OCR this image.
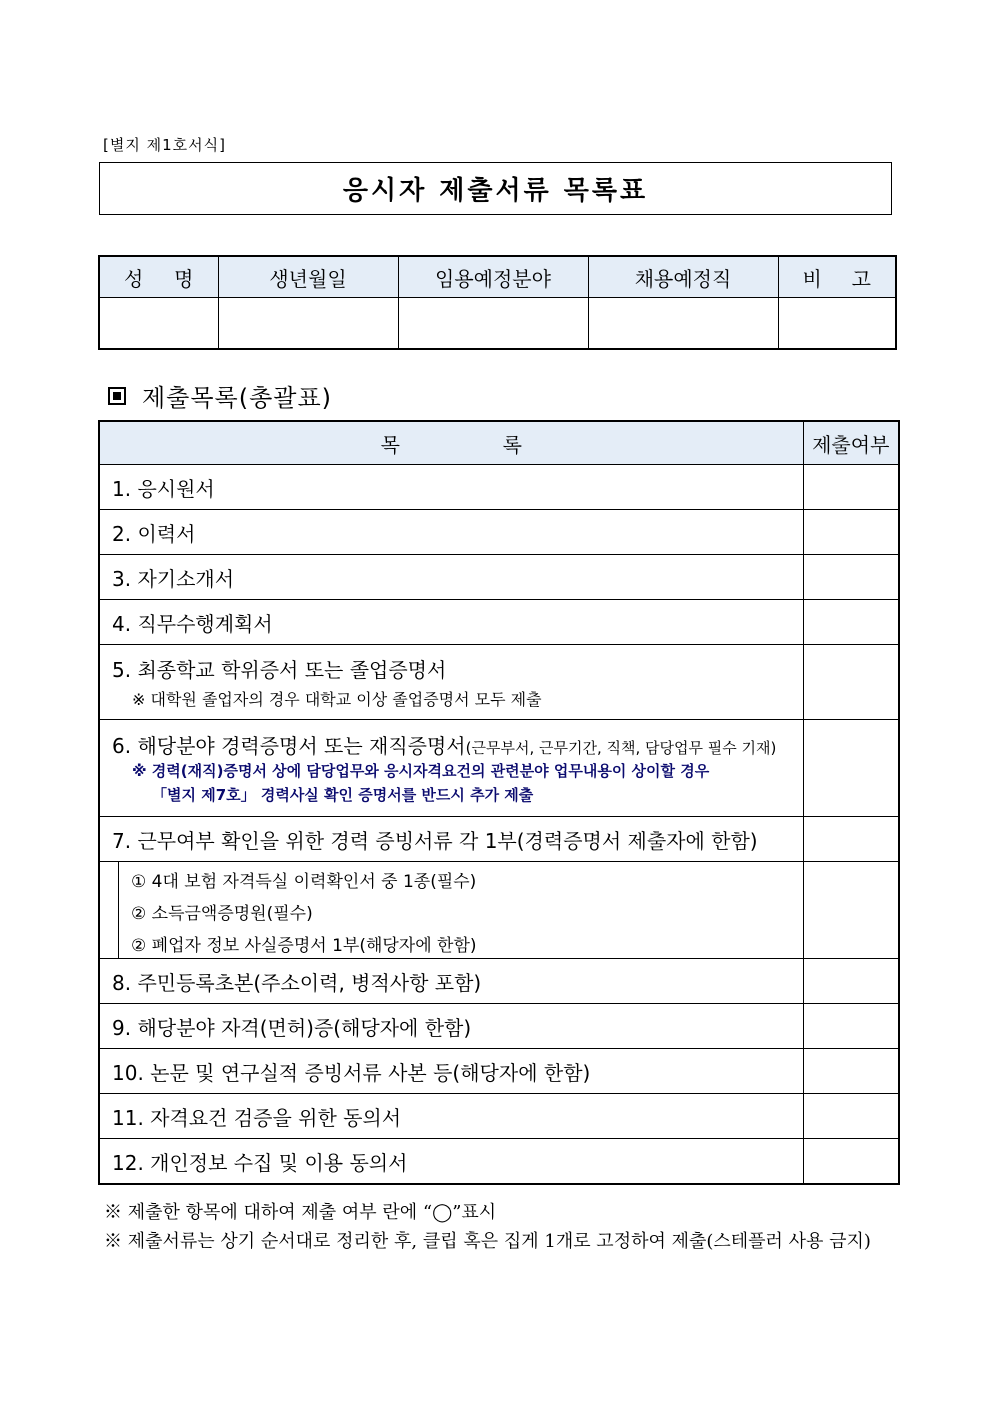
[별지 제1호서식]
응시자 제출서류 목록표
성 명	생년월일	임용예정분야	채용예정직	비 고

제출목록(총괄표)
목 록	제출여부
1. 응시원서	
2. 이력서	
3. 자기소개서	
4. 직무수행계획서	

5. 최종학교 학위증서 또는 졸업증명서
※ 대학원 졸업자의 경우 대학교 이상 졸업증명서 모두 제출	

6. 해당분야 경력증명서 또는 재직증명서(근무부서, 근무기간, 직책, 담당업무 필수 기재)
※ 경력(재직)증명서 상에 담당업무와 응시자격요건의 관련분야 업무내용이 상이할 경우
「별지 제7호」 경력사실 확인 증명서를 반드시 추가 제출	

7. 근무여부 확인을 위한 경력 증빙서류 각 1부(경력증명서 제출자에 한함)	

① 4대 보험 자격득실 이력확인서 중 1종(필수)
② 소득금액증명원(필수)
② 폐업자 정보 사실증명서 1부(해당자에 한함)	

8. 주민등록초본(주소이력, 병적사항 포함)	
9. 해당분야 자격(면허)증(해당자에 한함)	
10. 논문 및 연구실적 증빙서류 사본 등(해당자에 한함)	
11. 자격요건 검증을 위한 동의서	
12. 개인정보 수집 및 이용 동의서	
※ 제출한 항목에 대하여 제출 여부 란에 “◯”표시
※ 제출서류는 상기 순서대로 정리한 후, 클립 혹은 집게 1개로 고정하여 제출(스테플러 사용 금지)
